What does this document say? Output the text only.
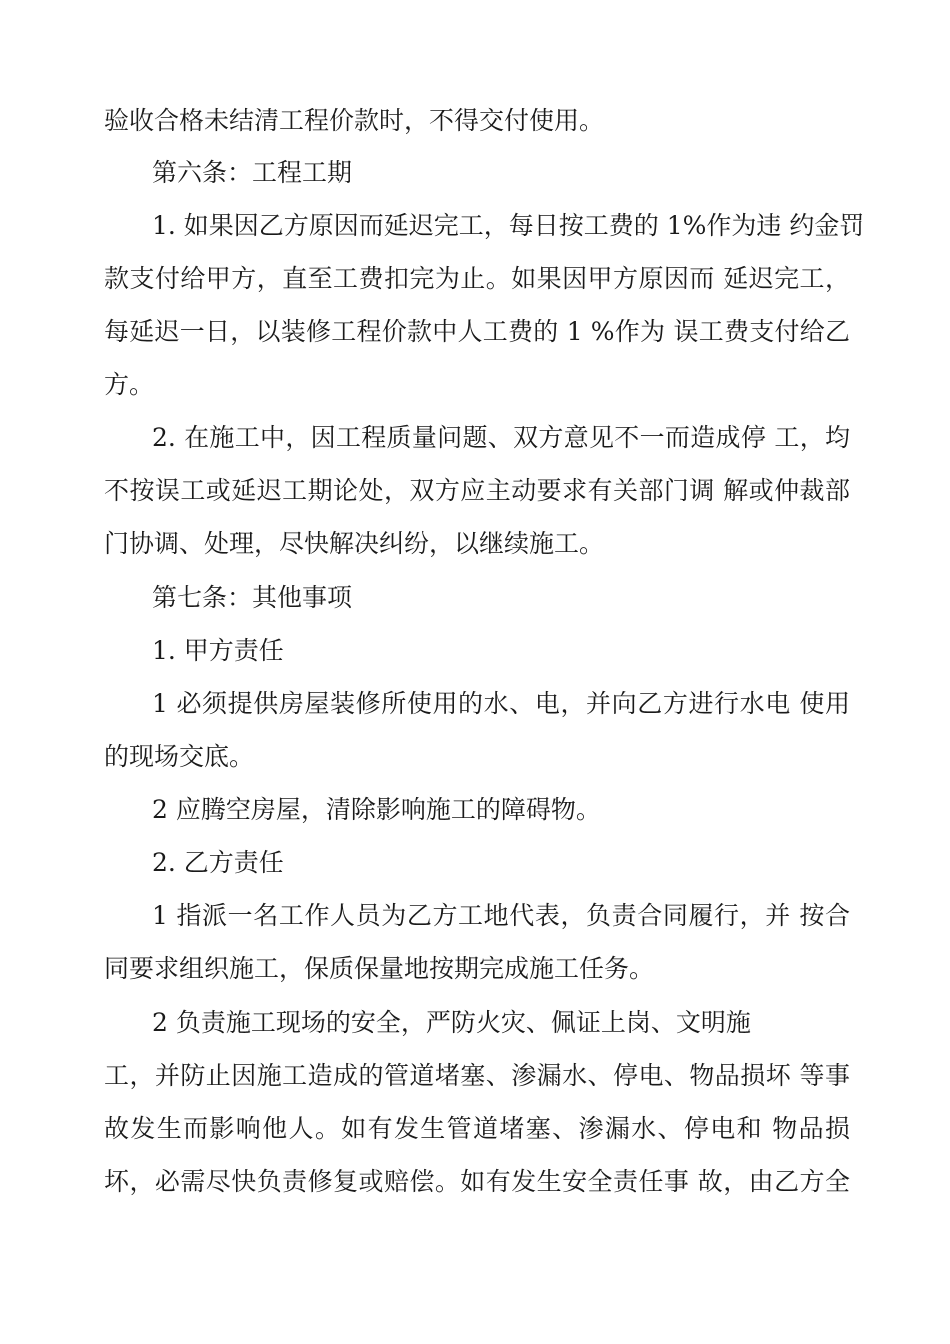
验收合格未结清工程价款时，不得交付使用。
第六条：工程工期
1. 如果因乙方原因而延迟完工，每日按工费的 1%作为违 约金罚
款支付给甲方，直至工费扣完为止。如果因甲方原因而 延迟完工，
每延迟一日，以装修工程价款中人工费的 1 %作为 误工费支付给乙
方。
2. 在施工中，因工程质量问题、双方意见不一而造成停 工，均
不按误工或延迟工期论处，双方应主动要求有关部门调 解或仲裁部
门协调、处理，尽快解决纠纷，以继续施工。
第七条：其他事项
1. 甲方责任
1 必须提供房屋装修所使用的水、电，并向乙方进行水电 使用
的现场交底。
2 应腾空房屋，清除影响施工的障碍物。
2. 乙方责任
1 指派一名工作人员为乙方工地代表，负责合同履行，并 按合
同要求组织施工，保质保量地按期完成施工任务。
2 负责施工现场的安全，严防火灾、佩证上岗、文明施
工，并防止因施工造成的管道堵塞、渗漏水、停电、物品损坏 等事
故发生而影响他人。如有发生管道堵塞、渗漏水、停电和 物品损
坏，必需尽快负责修复或赔偿。如有发生安全责任事 故，由乙方全
